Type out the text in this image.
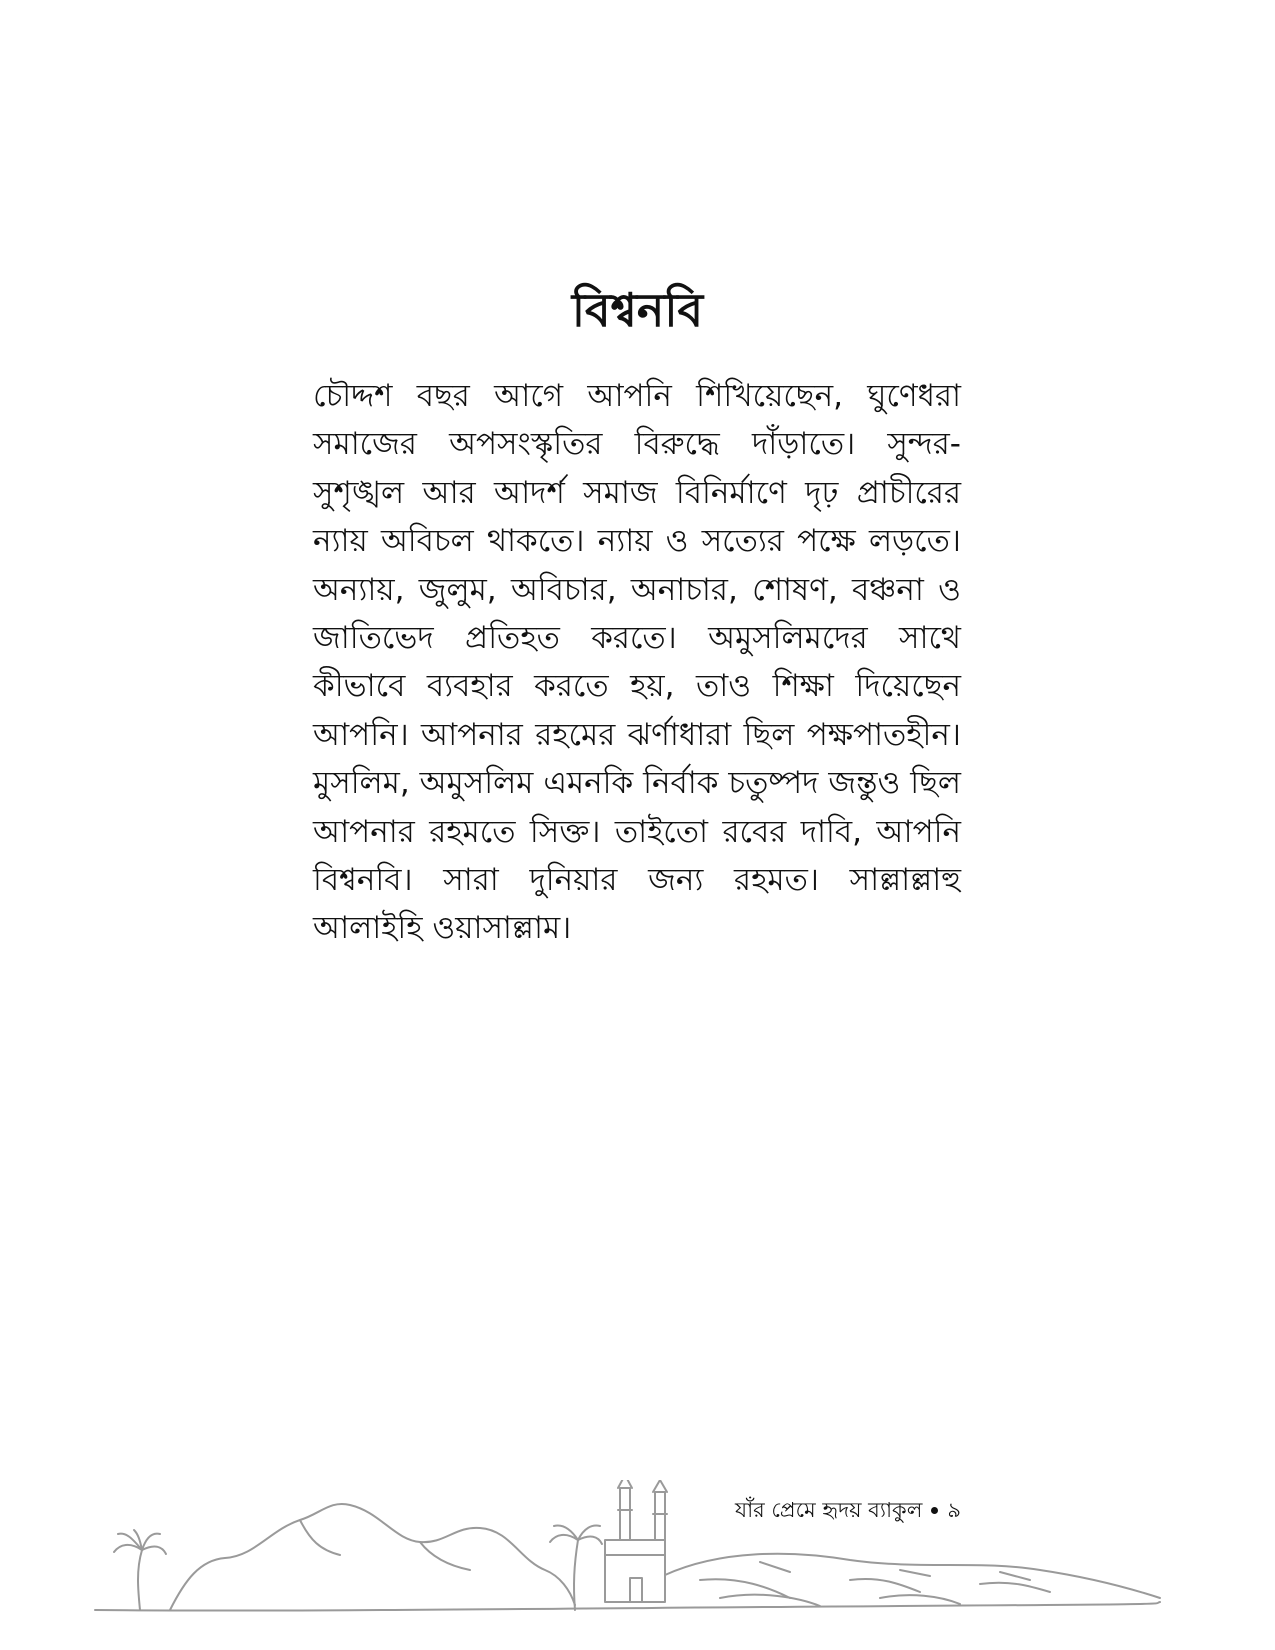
বিশ্বনবি

চৌদ্দশ বছর আগে আপনি শিখিয়েছেন, ঘুণেধরা সমাজের অপসংস্কৃতির বিরুদ্ধে দাঁড়াতে। সুন্দর-সুশৃঙ্খল আর আদর্শ সমাজ বিনির্মাণে দৃঢ় প্রাচীরের ন্যায় অবিচল থাকতে। ন্যায় ও সত্যের পক্ষে লড়তে। অন্যায়, জুলুম, অবিচার, অনাচার, শোষণ, বঞ্চনা ও জাতিভেদ প্রতিহত করতে। অমুসলিমদের সাথে কীভাবে ব্যবহার করতে হয়, তাও শিক্ষা দিয়েছেন আপনি। আপনার রহমের ঝর্ণাধারা ছিল পক্ষপাতহীন। মুসলিম, অমুসলিম এমনকি নির্বাক চতুষ্পদ জন্তুও ছিল আপনার রহমতে সিক্ত। তাইতো রবের দাবি, আপনি বিশ্বনবি। সারা দুনিয়ার জন্য রহমত। সাল্লাল্লাহু আলাইহি ওয়াসাল্লাম।

যাঁর প্রেমে হৃদয় ব্যাকুল ৯
